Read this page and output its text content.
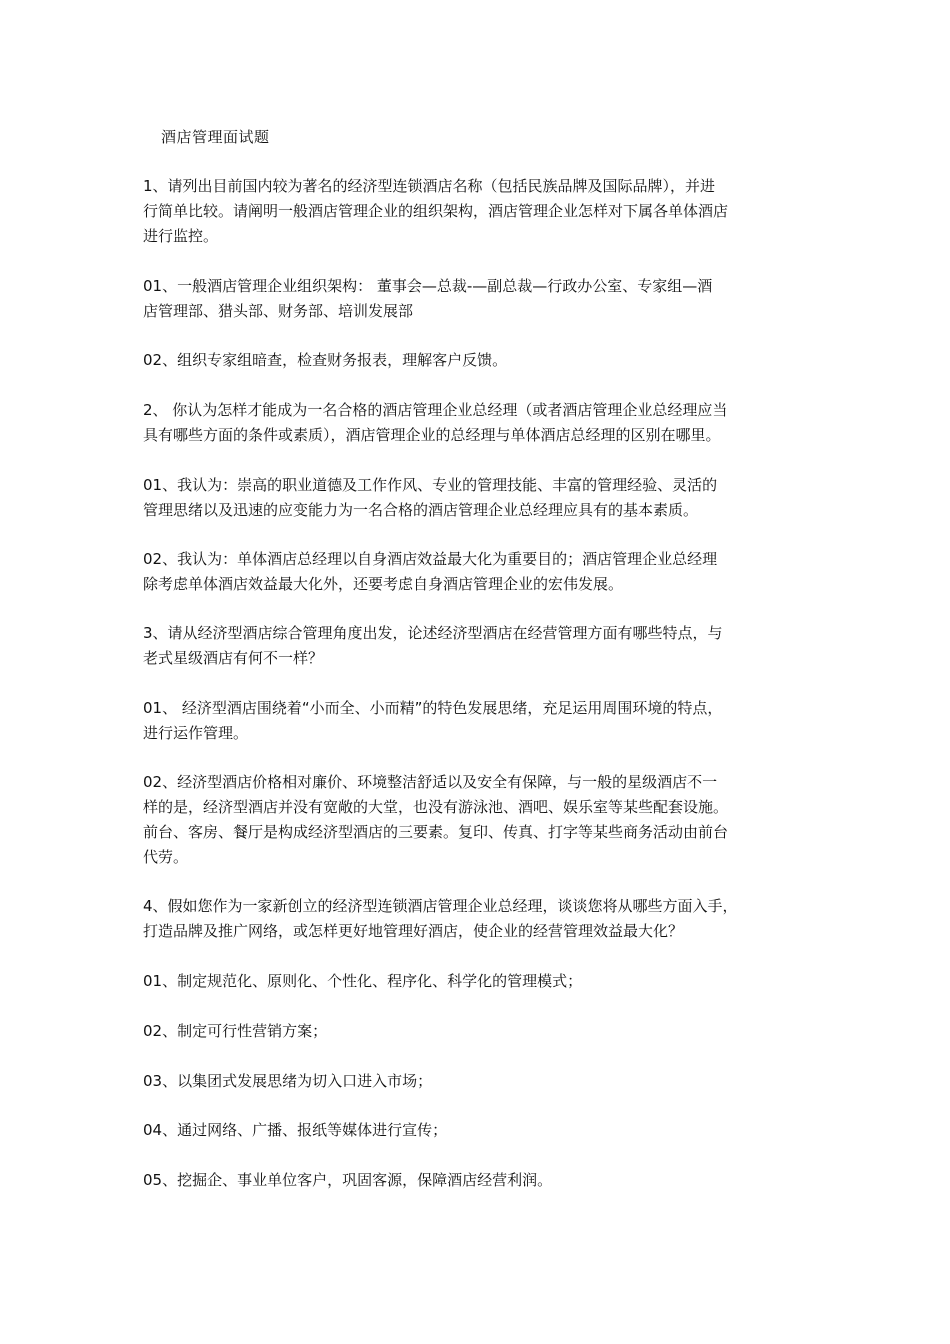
酒店管理面试题
1、请列出目前国内较为著名的经济型连锁酒店名称（包括民族品牌及国际品牌），并进
行简单比较。请阐明一般酒店管理企业的组织架构，酒店管理企业怎样对下属各单体酒店
进行监控。
01、一般酒店管理企业组织架构： 董事会—总裁-—副总裁—行政办公室、专家组—酒
店管理部、猎头部、财务部、培训发展部
02、组织专家组暗查，检查财务报表，理解客户反馈。
2、 你认为怎样才能成为一名合格的酒店管理企业总经理（或者酒店管理企业总经理应当
具有哪些方面的条件或素质），酒店管理企业的总经理与单体酒店总经理的区别在哪里。
01、我认为：崇高的职业道德及工作作风、专业的管理技能、丰富的管理经验、灵活的
管理思绪以及迅速的应变能力为一名合格的酒店管理企业总经理应具有的基本素质。
02、我认为：单体酒店总经理以自身酒店效益最大化为重要目的；酒店管理企业总经理
除考虑单体酒店效益最大化外，还要考虑自身酒店管理企业的宏伟发展。
3、请从经济型酒店综合管理角度出发，论述经济型酒店在经营管理方面有哪些特点，与
老式星级酒店有何不一样？
01、 经济型酒店围绕着“小而全、小而精”的特色发展思绪，充足运用周围环境的特点，
进行运作管理。
02、经济型酒店价格相对廉价、环境整洁舒适以及安全有保障，与一般的星级酒店不一
样的是，经济型酒店并没有宽敞的大堂，也没有游泳池、酒吧、娱乐室等某些配套设施。
前台、客房、餐厅是构成经济型酒店的三要素。复印、传真、打字等某些商务活动由前台
代劳。
4、假如您作为一家新创立的经济型连锁酒店管理企业总经理，谈谈您将从哪些方面入手，
打造品牌及推广网络，或怎样更好地管理好酒店，使企业的经营管理效益最大化？
01、制定规范化、原则化、个性化、程序化、科学化的管理模式；
02、制定可行性营销方案；
03、以集团式发展思绪为切入口进入市场；
04、通过网络、广播、报纸等媒体进行宣传；
05、挖掘企、事业单位客户，巩固客源，保障酒店经营利润。
